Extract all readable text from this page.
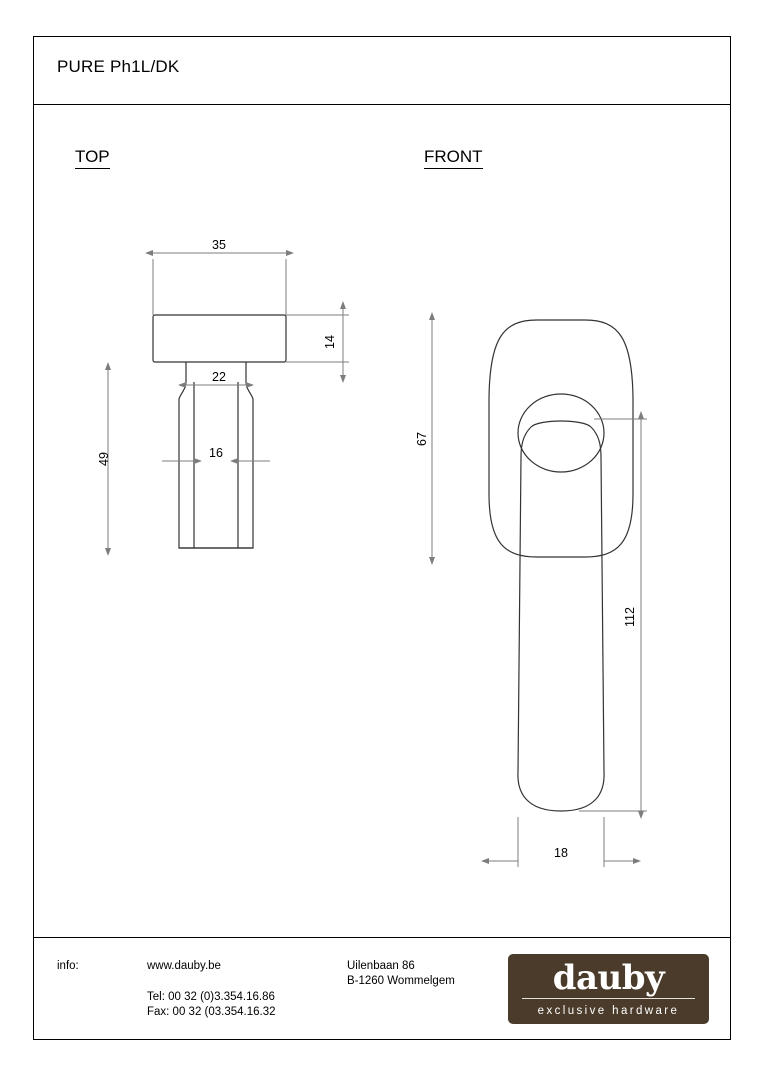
PURE Ph1L/DK
TOP	FRONT
35
22
16
49
14
67
112
18
info:	www.dauby.be
Tel: 00 32 (0)3.354.16.86
Fax: 00 32 (03.354.16.32
Uilenbaan 86
B-1260 Wommelgem	dauby
exclusive hardware
